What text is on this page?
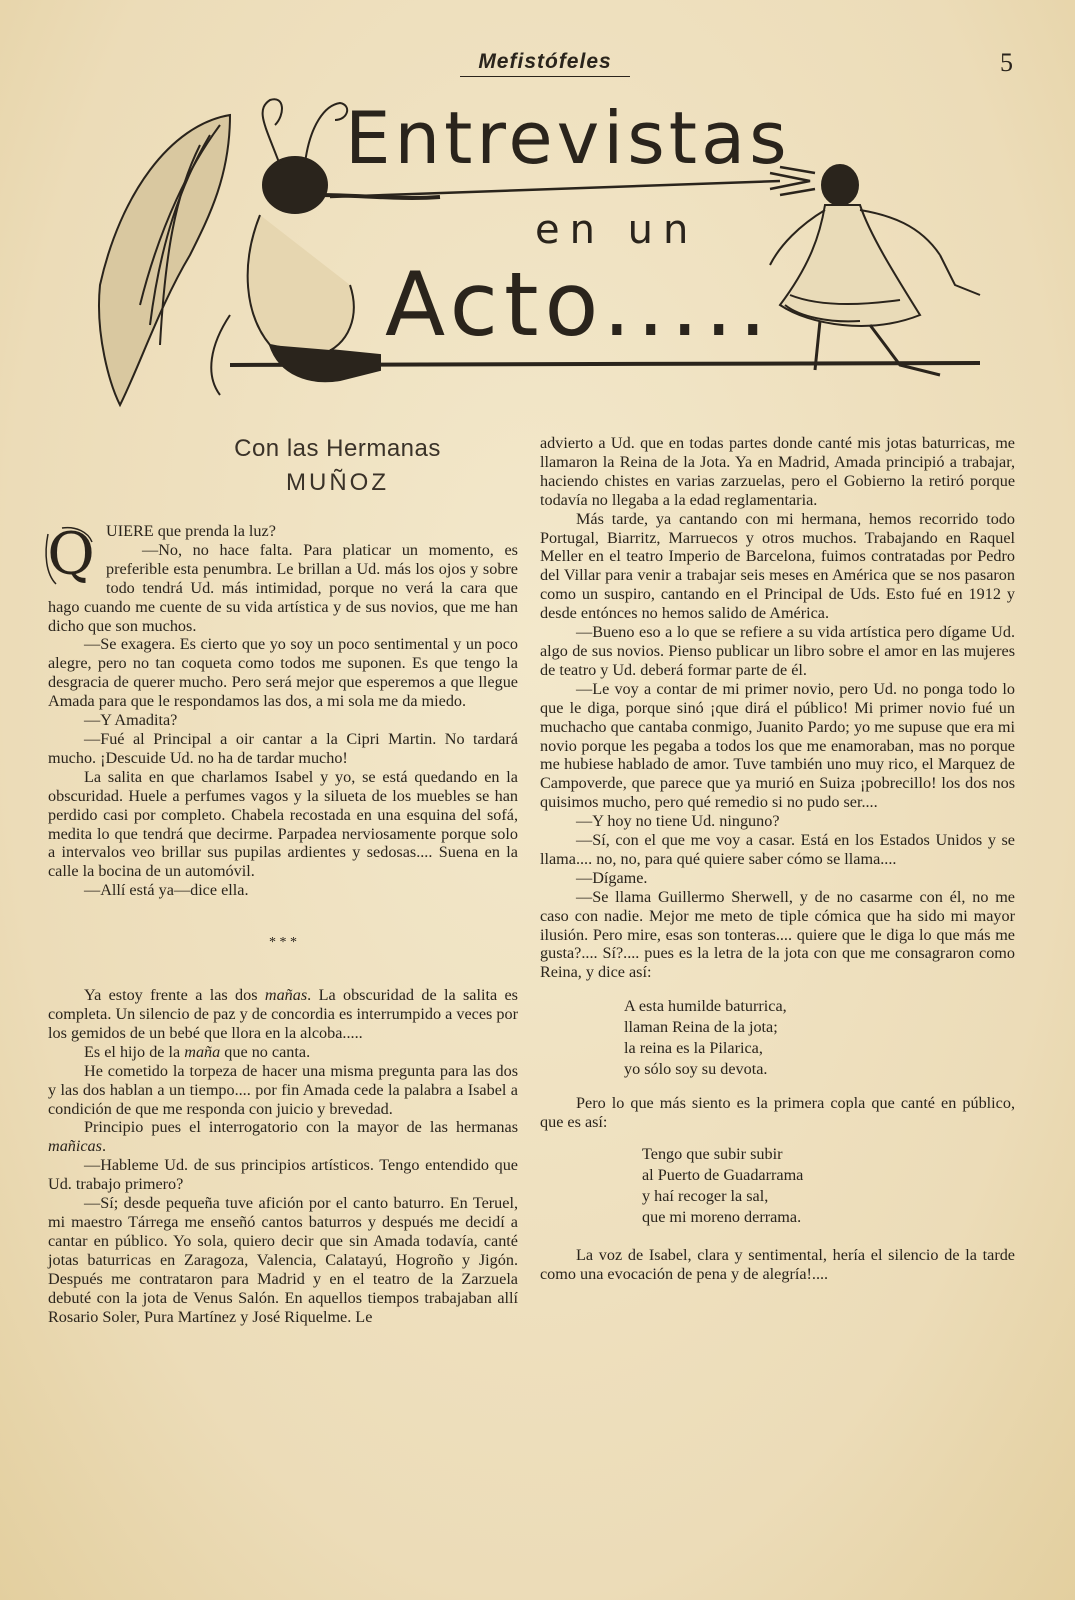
Mefistófeles	5
Entrevistas
en un
Acto.....
Con las Hermanas
MUÑOZ
Q UIERE que prenda la luz?

—No, no hace falta. Para platicar un momento, es preferible esta penumbra. Le brillan a Ud. más los ojos y sobre todo tendrá Ud. más intimidad, porque no verá la cara que hago cuando me cuente de su vida artística y de sus novios, que me han dicho que son muchos.

—Se exagera. Es cierto que yo soy un poco sentimental y un poco alegre, pero no tan coqueta como todos me suponen. Es que tengo la desgracia de querer mucho. Pero será mejor que esperemos a que llegue Amada para que le respondamos las dos, a mi sola me da miedo.

—Y Amadita?

—Fué al Principal a oir cantar a la Cipri Martin. No tardará mucho. ¡Descuide Ud. no ha de tardar mucho!

La salita en que charlamos Isabel y yo, se está quedando en la obscuridad. Huele a perfumes vagos y la silueta de los muebles se han perdido casi por completo. Chabela recostada en una esquina del sofá, medita lo que tendrá que decirme. Parpadea nerviosamente porque solo a intervalos veo brillar sus pupilas ardientes y sedosas.... Suena en la calle la bocina de un automóvil.

—Allí está ya—dice ella.

* * *

Ya estoy frente a las dos mañas. La obscuridad de la salita es completa. Un silencio de paz y de concordia es interrumpido a veces por los gemidos de un bebé que llora en la alcoba.....

Es el hijo de la maña que no canta.

He cometido la torpeza de hacer una misma pregunta para las dos y las dos hablan a un tiempo.... por fin Amada cede la palabra a Isabel a condición de que me responda con juicio y brevedad.

Principio pues el interrogatorio con la mayor de las hermanas mañicas.

—Hableme Ud. de sus principios artísticos. Tengo entendido que Ud. trabajo primero?

—Sí; desde pequeña tuve afición por el canto baturro. En Teruel, mi maestro Tárrega me enseñó cantos baturros y después me decidí a cantar en público. Yo sola, quiero decir que sin Amada todavía, canté jotas baturricas en Zaragoza, Valencia, Calatayú, Hogroño y Jigón. Después me contrataron para Madrid y en el teatro de la Zarzuela debuté con la jota de Venus Salón. En aquellos tiempos trabajaban allí Rosario Soler, Pura Martínez y José Riquelme. Le

advierto a Ud. que en todas partes donde canté mis jotas baturricas, me llamaron la Reina de la Jota. Ya en Madrid, Amada principió a trabajar, haciendo chistes en varias zarzuelas, pero el Gobierno la retiró porque todavía no llegaba a la edad reglamentaria.

Más tarde, ya cantando con mi hermana, hemos recorrido todo Portugal, Biarritz, Marruecos y otros muchos. Trabajando en Raquel Meller en el teatro Imperio de Barcelona, fuimos contratadas por Pedro del Villar para venir a trabajar seis meses en América que se nos pasaron como un suspiro, cantando en el Principal de Uds. Esto fué en 1912 y desde entónces no hemos salido de América.

—Bueno eso a lo que se refiere a su vida artística pero dígame Ud. algo de sus novios. Pienso publicar un libro sobre el amor en las mujeres de teatro y Ud. deberá formar parte de él.

—Le voy a contar de mi primer novio, pero Ud. no ponga todo lo que le diga, porque sinó ¡que dirá el público! Mi primer novio fué un muchacho que cantaba conmigo, Juanito Pardo; yo me supuse que era mi novio porque les pegaba a todos los que me enamoraban, mas no porque me hubiese hablado de amor. Tuve también uno muy rico, el Marquez de Campoverde, que parece que ya murió en Suiza ¡pobrecillo! los dos nos quisimos mucho, pero qué remedio si no pudo ser....

—Y hoy no tiene Ud. ninguno?

—Sí, con el que me voy a casar. Está en los Estados Unidos y se llama.... no, no, para qué quiere saber cómo se llama....

—Dígame.

—Se llama Guillermo Sherwell, y de no casarme con él, no me caso con nadie. Mejor me meto de tiple cómica que ha sido mi mayor ilusión. Pero mire, esas son tonteras.... quiere que le diga lo que más me gusta?.... Sí?.... pues es la letra de la jota con que me consagraron como Reina, y dice así:

A esta humilde baturrica,

llaman Reina de la jota;

la reina es la Pilarica,

yo sólo soy su devota.

Pero lo que más siento es la primera copla que canté en público, que es así:

Tengo que subir subir

al Puerto de Guadarrama

y haí recoger la sal,

que mi moreno derrama.

La voz de Isabel, clara y sentimental, hería el silencio de la tarde como una evocación de pena y de alegría!....
